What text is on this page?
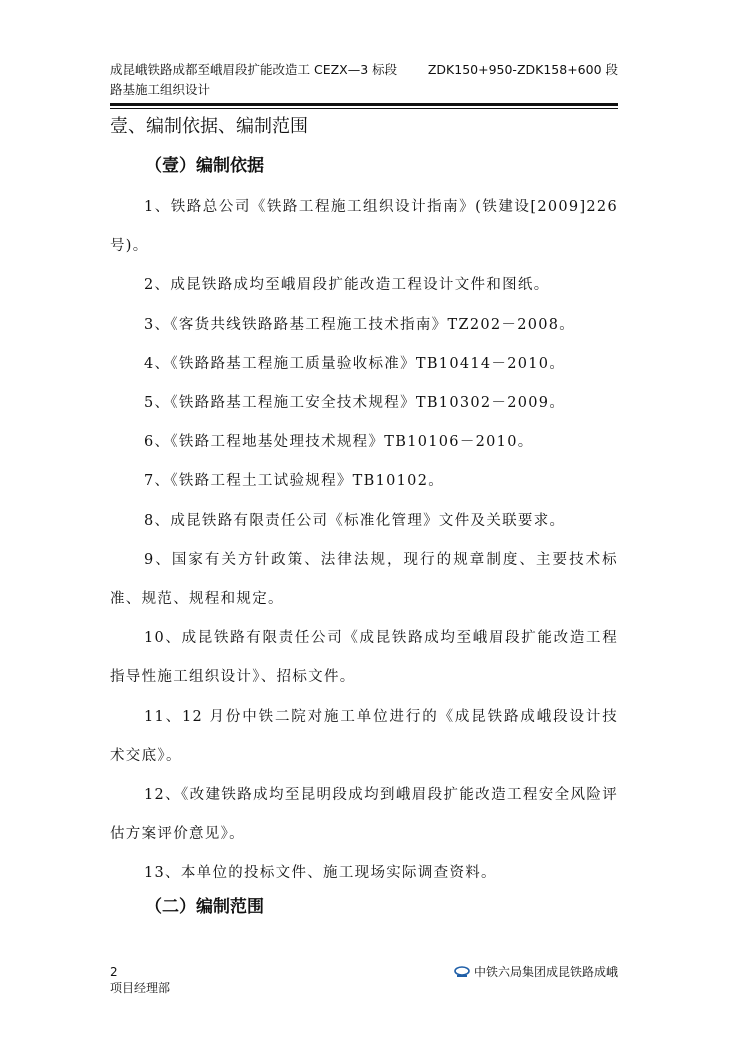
成昆峨铁路成都至峨眉段扩能改造工 CEZX—3 标段 ZDK150+950-ZDK158+600 段
路基施工组织设计
壹、编制依据、编制范围
（壹）编制依据

1、铁路总公司《铁路工程施工组织设计指南》(铁建设[2009]226 号)。

2、成昆铁路成均至峨眉段扩能改造工程设计文件和图纸。

3、《客货共线铁路路基工程施工技术指南》TZ202－2008。

4、《铁路路基工程施工质量验收标准》TB10414－2010。

5、《铁路路基工程施工安全技术规程》TB10302－2009。

6、《铁路工程地基处理技术规程》TB10106－2010。

7、《铁路工程土工试验规程》TB10102。

8、成昆铁路有限责任公司《标准化管理》文件及关联要求。

9、国家有关方针政策、法律法规，现行的规章制度、主要技术标准、规范、规程和规定。

10、成昆铁路有限责任公司《成昆铁路成均至峨眉段扩能改造工程指导性施工组织设计》、招标文件。

11、12 月份中铁二院对施工单位进行的《成昆铁路成峨段设计技术交底》。

12、《改建铁路成均至昆明段成均到峨眉段扩能改造工程安全风险评估方案评价意见》。

13、本单位的投标文件、施工现场实际调查资料。

（二）编制范围
2
项目经理部
中铁六局集团成昆铁路成峨
